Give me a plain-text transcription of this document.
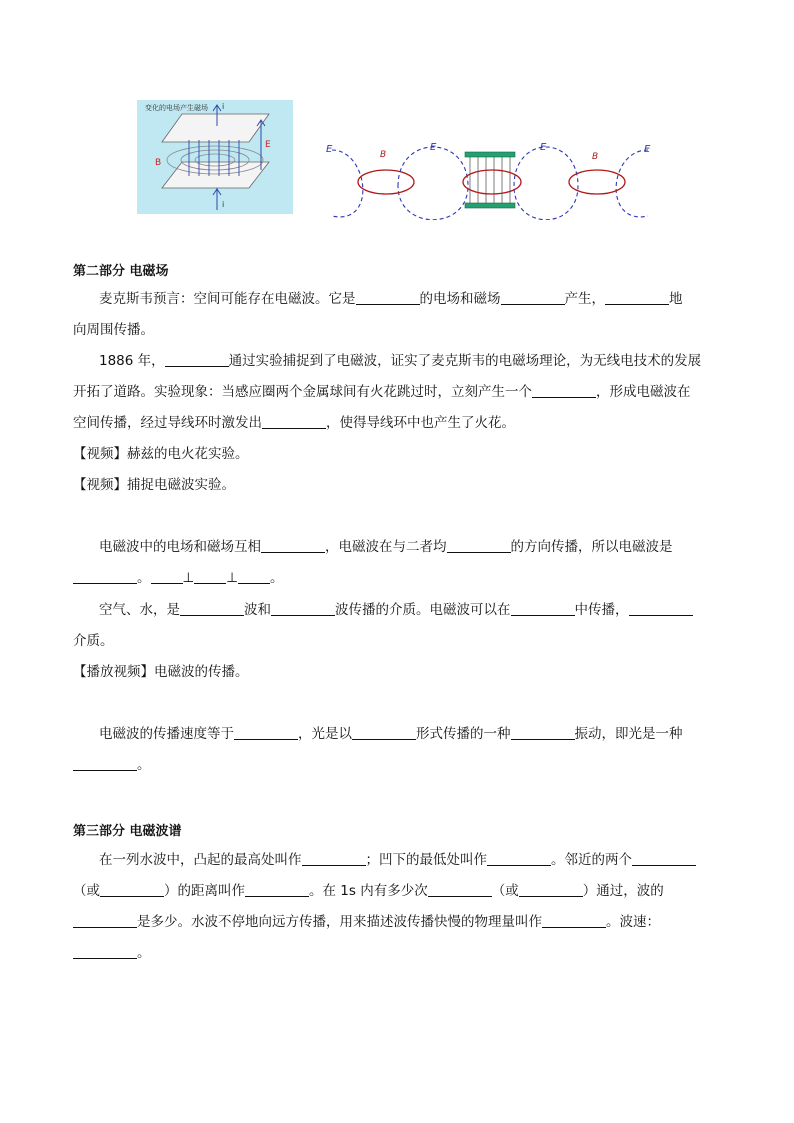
变化的电场产生磁场 i
i
B
E	E	B
E	E
B
E
第二部分 电磁场
麦克斯韦预言：空间可能存在电磁波。它是	的电场和磁场	产生，	地
向周围传播。
1886 年，	通过实验捕捉到了电磁波，证实了麦克斯韦的电磁场理论，为无线电技术的发展
开拓了道路。实验现象：当感应圈两个金属球间有火花跳过时，立刻产生一个	，形成电磁波在
空间传播，经过导线环时激发出	，使得导线环中也产生了火花。
【视频】赫兹的电火花实验。
【视频】捕捉电磁波实验。
电磁波中的电场和磁场互相	，电磁波在与二者均	的方向传播，所以电磁波是
。 ⊥ ⊥ 。
空气、水，是	波和	波传播的介质。电磁波可以在	中传播，
介质。
【播放视频】电磁波的传播。
电磁波的传播速度等于	，光是以	形式传播的一种	振动，即光是一种
。
第三部分 电磁波谱
在一列水波中，凸起的最高处叫作	；凹下的最低处叫作	。邻近的两个
（或	）的距离叫作	。在 1s 内有多少次	（或	）通过，波的
是多少。水波不停地向远方传播，用来描述波传播快慢的物理量叫作	。波速：
。
